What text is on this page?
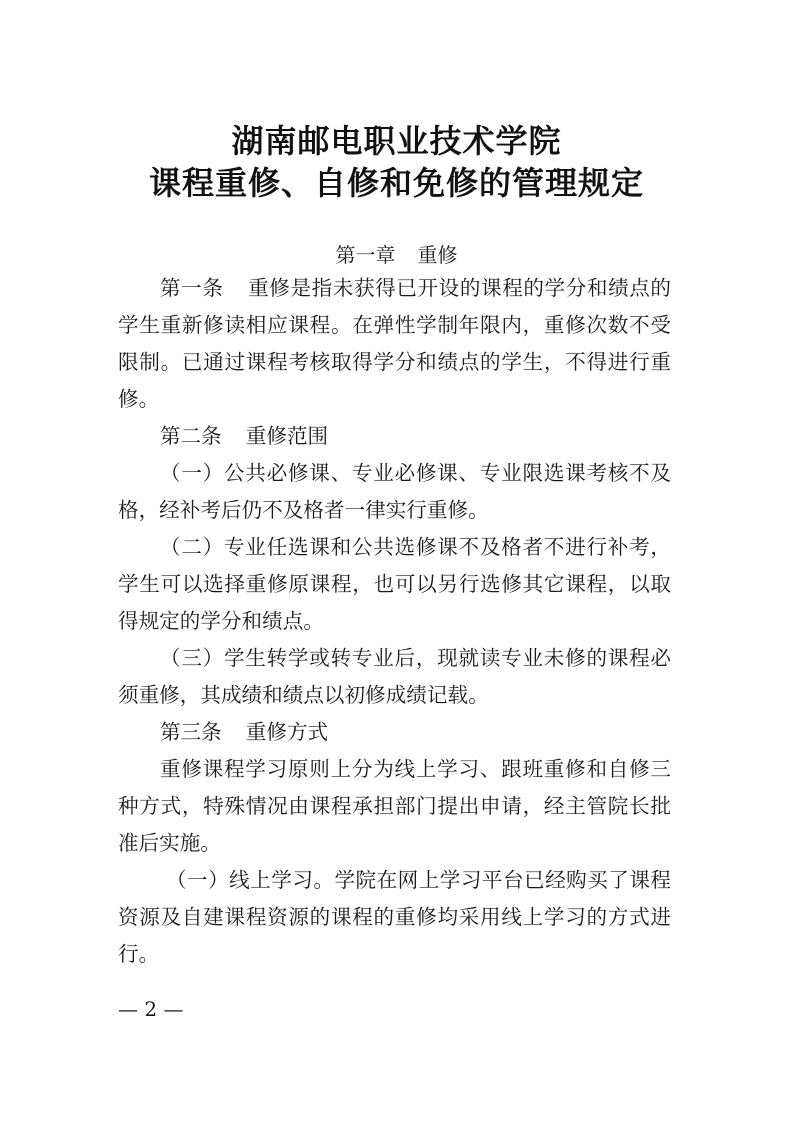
湖南邮电职业技术学院
课程重修、自修和免修的管理规定
第一章 重修

第一条 重修是指未获得已开设的课程的学分和绩点的学生重新修读相应课程。在弹性学制年限内，重修次数不受限制。已通过课程考核取得学分和绩点的学生，不得进行重修。

第二条 重修范围

（一）公共必修课、专业必修课、专业限选课考核不及格，经补考后仍不及格者一律实行重修。

（二）专业任选课和公共选修课不及格者不进行补考，学生可以选择重修原课程，也可以另行选修其它课程，以取得规定的学分和绩点。

（三）学生转学或转专业后，现就读专业未修的课程必须重修，其成绩和绩点以初修成绩记载。

第三条 重修方式

重修课程学习原则上分为线上学习、跟班重修和自修三种方式，特殊情况由课程承担部门提出申请，经主管院长批准后实施。

（一）线上学习。学院在网上学习平台已经购买了课程资源及自建课程资源的课程的重修均采用线上学习的方式进行。

— 2 —
